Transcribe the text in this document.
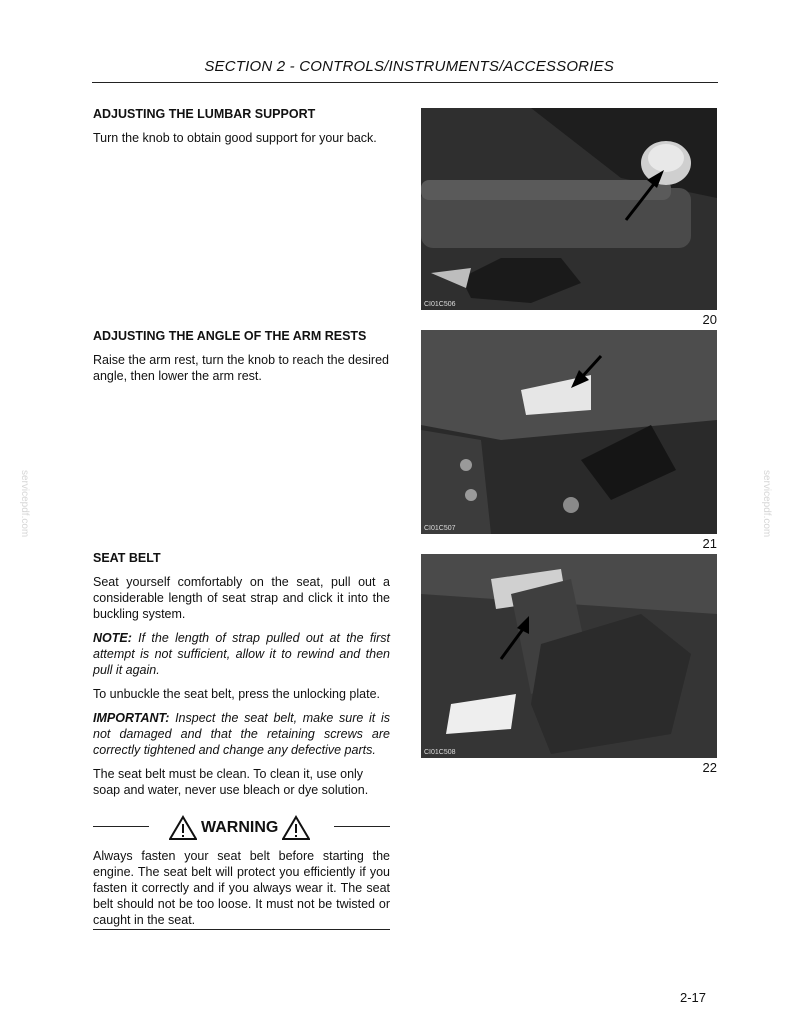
SECTION 2 - CONTROLS/INSTRUMENTS/ACCESSORIES
servicepdf.com	servicepdf.com
ADJUSTING THE LUMBAR SUPPORT

Turn the knob to obtain good support for your back.

ADJUSTING THE ANGLE OF THE ARM RESTS

Raise the arm rest, turn the knob to reach the desired angle, then lower the arm rest.

SEAT BELT

Seat yourself comfortably on the seat, pull out a considerable length of seat strap and click it into the buckling system.

NOTE: If the length of strap pulled out at the first attempt is not sufficient, allow it to rewind and then pull it again.

To unbuckle the seat belt, press the unlocking plate.

IMPORTANT: Inspect the seat belt, make sure it is not damaged and that the retaining screws are correctly tightened and change any defective parts.

The seat belt must be clean. To clean it, use only soap and water, never use bleach or dye solution.

WARNING
Always fasten your seat belt before starting the engine. The seat belt will protect you efficiently if you fasten it correctly and if you always wear it. The seat belt should not be too loose. It must not be twisted or caught in the seat.
CI01C506
20
CI01C507
21
CI01C508
22
2-17
